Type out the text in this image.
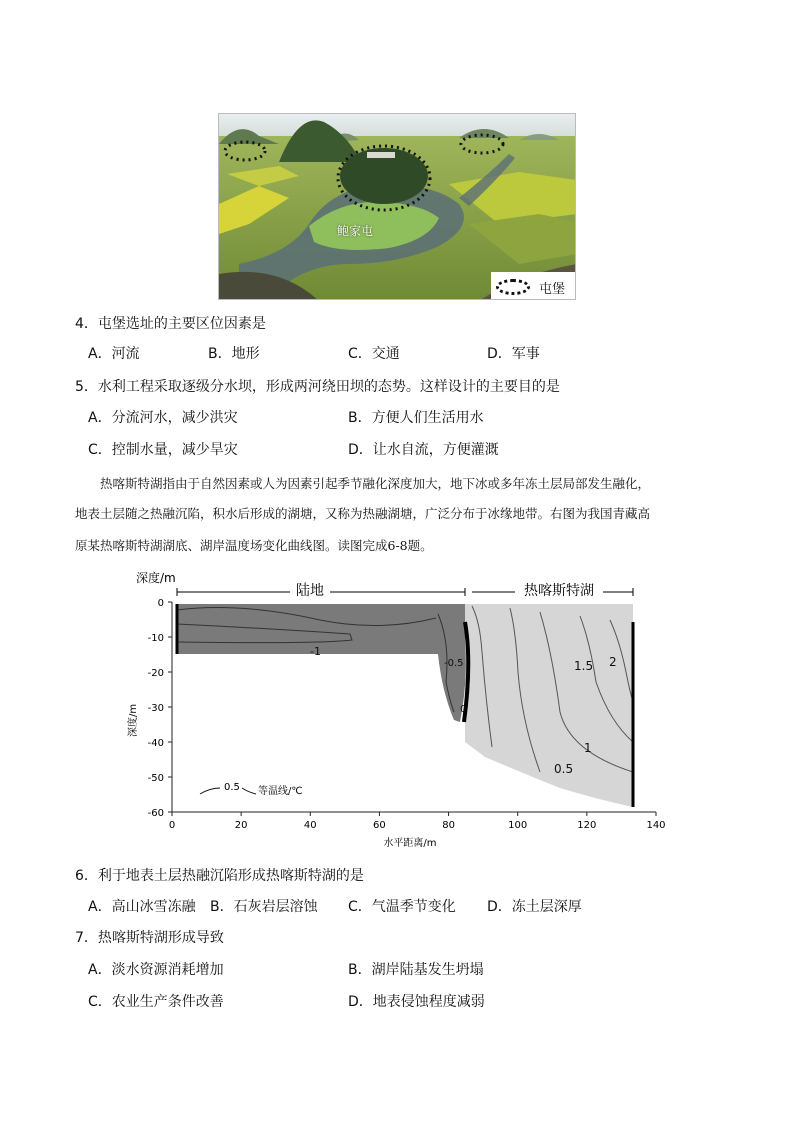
鲍家屯
屯堡
4．屯堡选址的主要区位因素是
A．河流	B．地形	C．交通	D．军事
5．水利工程采取逐级分水坝，形成两河绕田坝的态势。这样设计的主要目的是
A．分流河水，减少洪灾	B．方便人们生活用水
C．控制水量，减少旱灾	D．让水自流，方便灌溉
热喀斯特湖指由于自然因素或人为因素引起季节融化深度加大，地下冰或多年冻土层局部发生融化，
地表土层随之热融沉陷，积水后形成的湖塘，又称为热融湖塘，广泛分布于冰缘地带。右图为我国青藏高
原某热喀斯特湖湖底、湖岸温度场变化曲线图。读图完成6-8题。
陆地	热喀斯特湖
深度/m
深度/m
水平距离/m
0
-10
-20
-30
-40
-50
-60
0	20	40	60	80	100	120	140
-1
-0.5
0
0.5
1
1.5 2
0.5 等温线/℃
6．利于地表土层热融沉陷形成热喀斯特湖的是
A．高山冰雪冻融 B．石灰岩层溶蚀 C．气温季节变化 D．冻土层深厚
7．热喀斯特湖形成导致
A．淡水资源消耗增加	B．湖岸陆基发生坍塌
C．农业生产条件改善	D．地表侵蚀程度减弱
